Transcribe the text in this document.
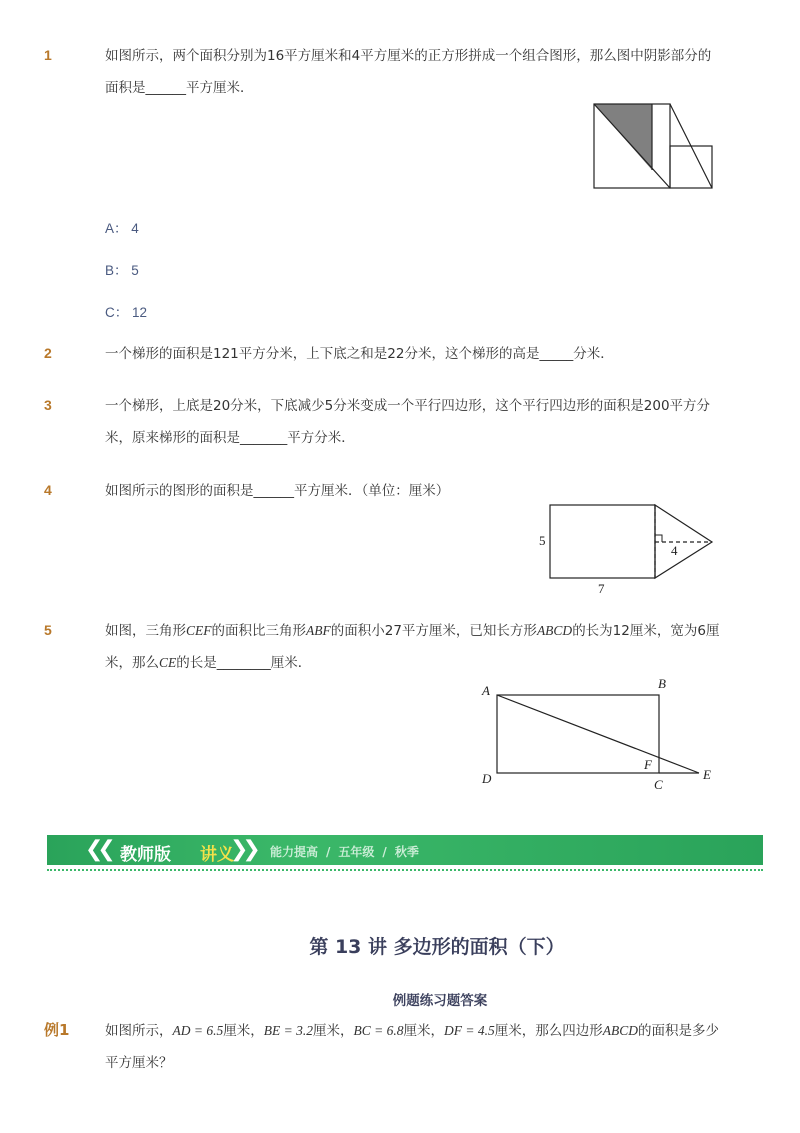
1	如图所示，两个面积分别为16平方厘米和4平方厘米的正方形拼成一个组合图形，那么图中阴影部分的面积是______平方厘米．
A： 4
B： 5
C： 12
2	一个梯形的面积是121平方分米，上下底之和是22分米，这个梯形的高是_____分米．
3	一个梯形，上底是20分米，下底减少5分米变成一个平行四边形，这个平行四边形的面积是200平方分米，原来梯形的面积是_______平方分米．
4	如图所示的图形的面积是______平方厘米．（单位：厘米）
5
7
4
5	如图，三角形CEF的面积比三角形ABF的面积小27平方厘米，已知长方形ABCD的长为12厘米，宽为6厘米，那么CE的长是________厘米．
A	B
D	C
E
F
❮❮ 教师版 讲义
❯❯ 能力提高 / 五年级 / 秋季
第 13 讲 多边形的面积（下）
例题练习题答案
例1	如图所示，AD = 6.5厘米，BE = 3.2厘米，BC = 6.8厘米，DF = 4.5厘米，那么四边形ABCD的面积是多少平方厘米？
